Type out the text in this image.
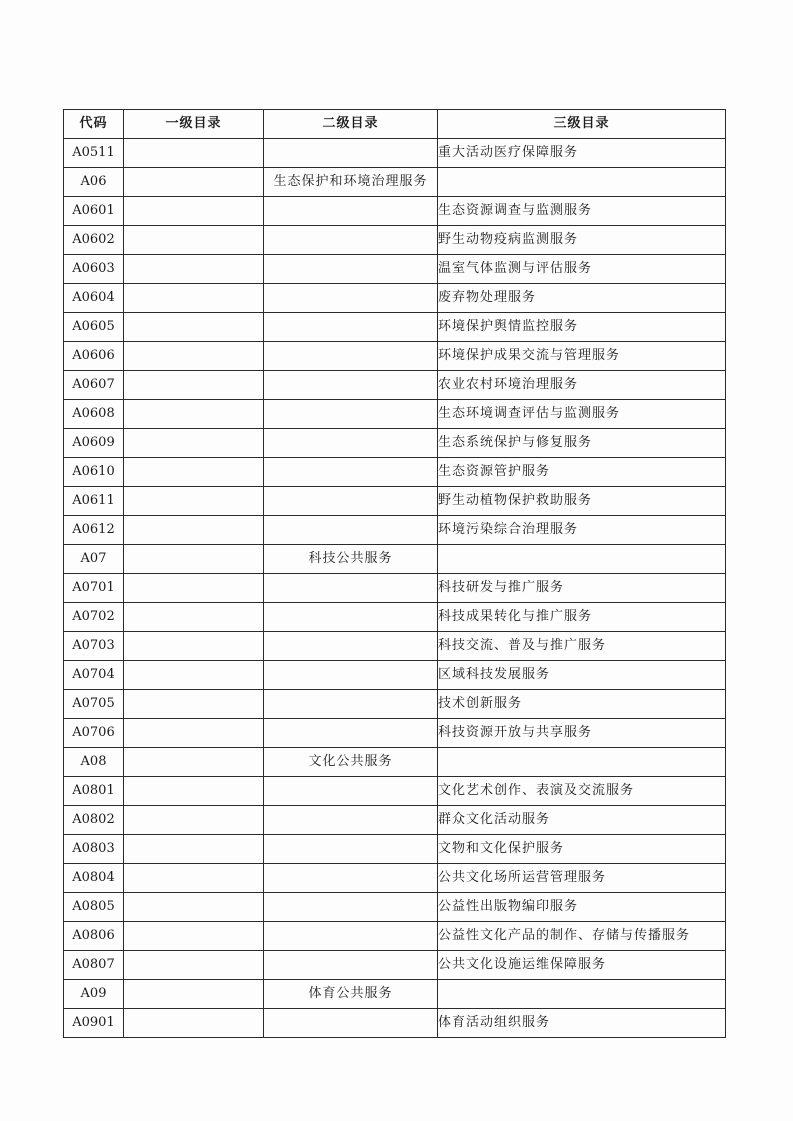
代码	一级目录	二级目录	三级目录
A0511			重大活动医疗保障服务
A06		生态保护和环境治理服务	
A0601			生态资源调查与监测服务
A0602			野生动物疫病监测服务
A0603			温室气体监测与评估服务
A0604			废弃物处理服务
A0605			环境保护舆情监控服务
A0606			环境保护成果交流与管理服务
A0607			农业农村环境治理服务
A0608			生态环境调查评估与监测服务
A0609			生态系统保护与修复服务
A0610			生态资源管护服务
A0611			野生动植物保护救助服务
A0612			环境污染综合治理服务
A07		科技公共服务	
A0701			科技研发与推广服务
A0702			科技成果转化与推广服务
A0703			科技交流、普及与推广服务
A0704			区域科技发展服务
A0705			技术创新服务
A0706			科技资源开放与共享服务
A08		文化公共服务	
A0801			文化艺术创作、表演及交流服务
A0802			群众文化活动服务
A0803			文物和文化保护服务
A0804			公共文化场所运营管理服务
A0805			公益性出版物编印服务
A0806			公益性文化产品的制作、存储与传播服务
A0807			公共文化设施运维保障服务
A09		体育公共服务	
A0901			体育活动组织服务
